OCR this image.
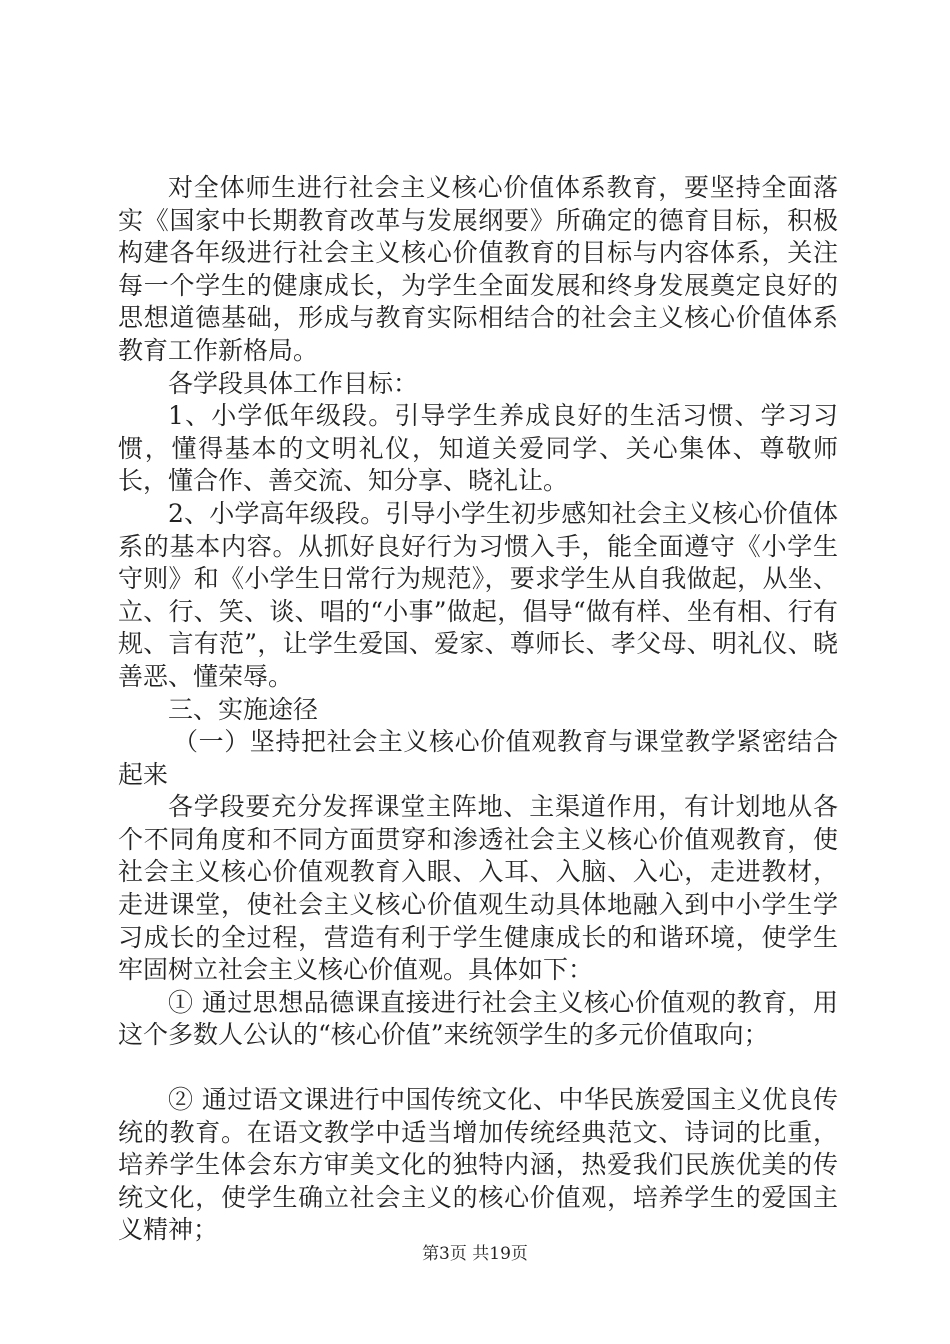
对全体师生进行社会主义核心价值体系教育，要坚持全面落实《国家中长期教育改革与发展纲要》所确定的德育目标，积极构建各年级进行社会主义核心价值教育的目标与内容体系，关注每一个学生的健康成长，为学生全面发展和终身发展奠定良好的思想道德基础，形成与教育实际相结合的社会主义核心价值体系教育工作新格局。

各学段具体工作目标：

1、小学低年级段。引导学生养成良好的生活习惯、学习习惯，懂得基本的文明礼仪，知道关爱同学、关心集体、尊敬师长，懂合作、善交流、知分享、晓礼让。

2、小学高年级段。引导小学生初步感知社会主义核心价值体系的基本内容。从抓好良好行为习惯入手，能全面遵守《小学生守则》和《小学生日常行为规范》，要求学生从自我做起，从坐、立、行、笑、谈、唱的“小事”做起，倡导“做有样、坐有相、行有规、言有范”，让学生爱国、爱家、尊师长、孝父母、明礼仪、晓善恶、懂荣辱。

三、实施途径

（一）坚持把社会主义核心价值观教育与课堂教学紧密结合起来

各学段要充分发挥课堂主阵地、主渠道作用，有计划地从各个不同角度和不同方面贯穿和渗透社会主义核心价值观教育，使社会主义核心价值观教育入眼、入耳、入脑、入心，走进教材，走进课堂，使社会主义核心价值观生动具体地融入到中小学生学习成长的全过程，营造有利于学生健康成长的和谐环境，使学生牢固树立社会主义核心价值观。具体如下：

① 通过思想品德课直接进行社会主义核心价值观的教育，用这个多数人公认的“核心价值”来统领学生的多元价值取向；

② 通过语文课进行中国传统文化、中华民族爱国主义优良传统的教育。在语文教学中适当增加传统经典范文、诗词的比重，培养学生体会东方审美文化的独特内涵，热爱我们民族优美的传统文化，使学生确立社会主义的核心价值观，培养学生的爱国主义精神；

第3页 共19页
